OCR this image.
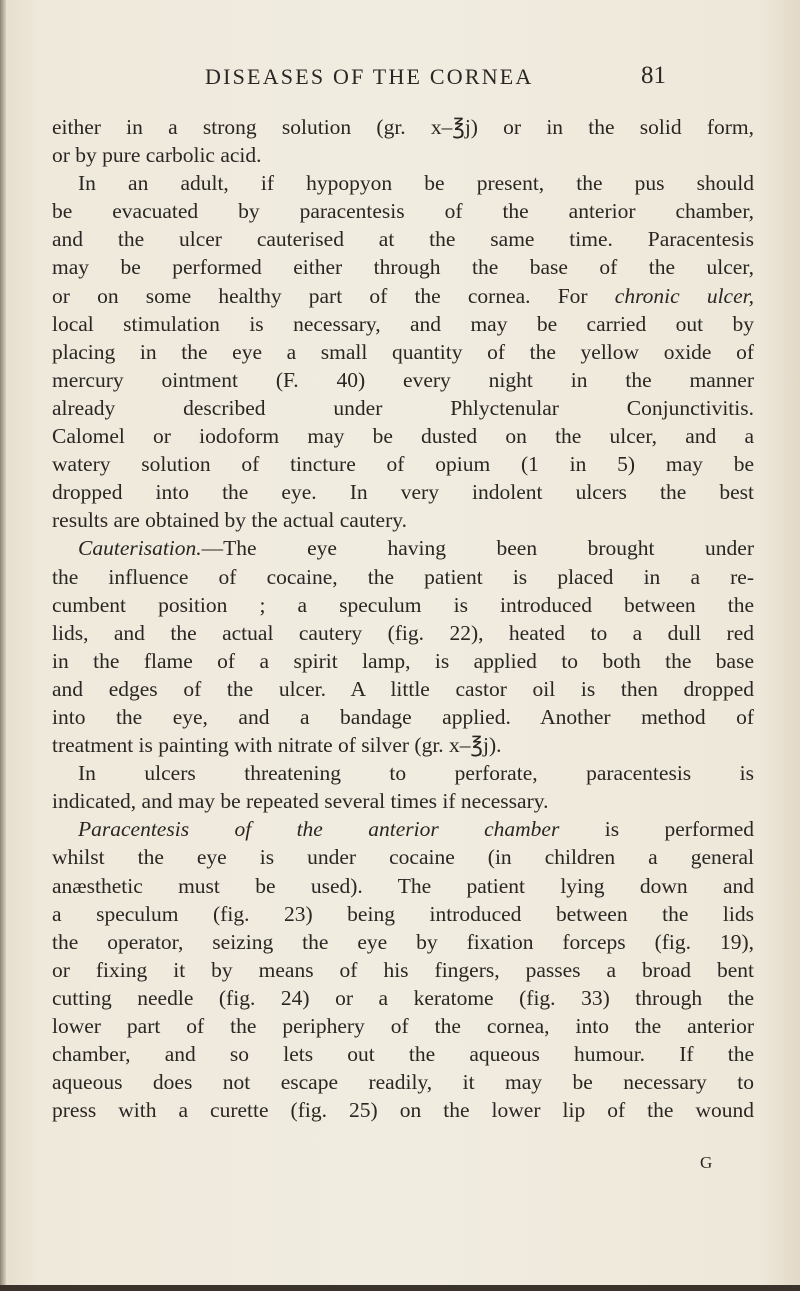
DISEASES OF THE CORNEA	81
either in a strong solution (gr. x–℥j) or in the solid form,
or by pure carbolic acid.
In an adult, if hypopyon be present, the pus should
be evacuated by paracentesis of the anterior chamber,
and the ulcer cauterised at the same time. Paracentesis
may be performed either through the base of the ulcer,
or on some healthy part of the cornea. For chronic ulcer,
local stimulation is necessary, and may be carried out by
placing in the eye a small quantity of the yellow oxide of
mercury ointment (F. 40) every night in the manner
already described under Phlyctenular Conjunctivitis.
Calomel or iodoform may be dusted on the ulcer, and a
watery solution of tincture of opium (1 in 5) may be
dropped into the eye. In very indolent ulcers the best
results are obtained by the actual cautery.
Cauterisation.—The eye having been brought under
the influence of cocaine, the patient is placed in a re-
cumbent position ; a speculum is introduced between the
lids, and the actual cautery (fig. 22), heated to a dull red
in the flame of a spirit lamp, is applied to both the base
and edges of the ulcer. A little castor oil is then dropped
into the eye, and a bandage applied. Another method of
treatment is painting with nitrate of silver (gr. x–℥j).
In ulcers threatening to perforate, paracentesis is
indicated, and may be repeated several times if necessary.
Paracentesis of the anterior chamber is performed
whilst the eye is under cocaine (in children a general
anæsthetic must be used). The patient lying down and
a speculum (fig. 23) being introduced between the lids
the operator, seizing the eye by fixation forceps (fig. 19),
or fixing it by means of his fingers, passes a broad bent
cutting needle (fig. 24) or a keratome (fig. 33) through the
lower part of the periphery of the cornea, into the anterior
chamber, and so lets out the aqueous humour. If the
aqueous does not escape readily, it may be necessary to
press with a curette (fig. 25) on the lower lip of the wound
G
